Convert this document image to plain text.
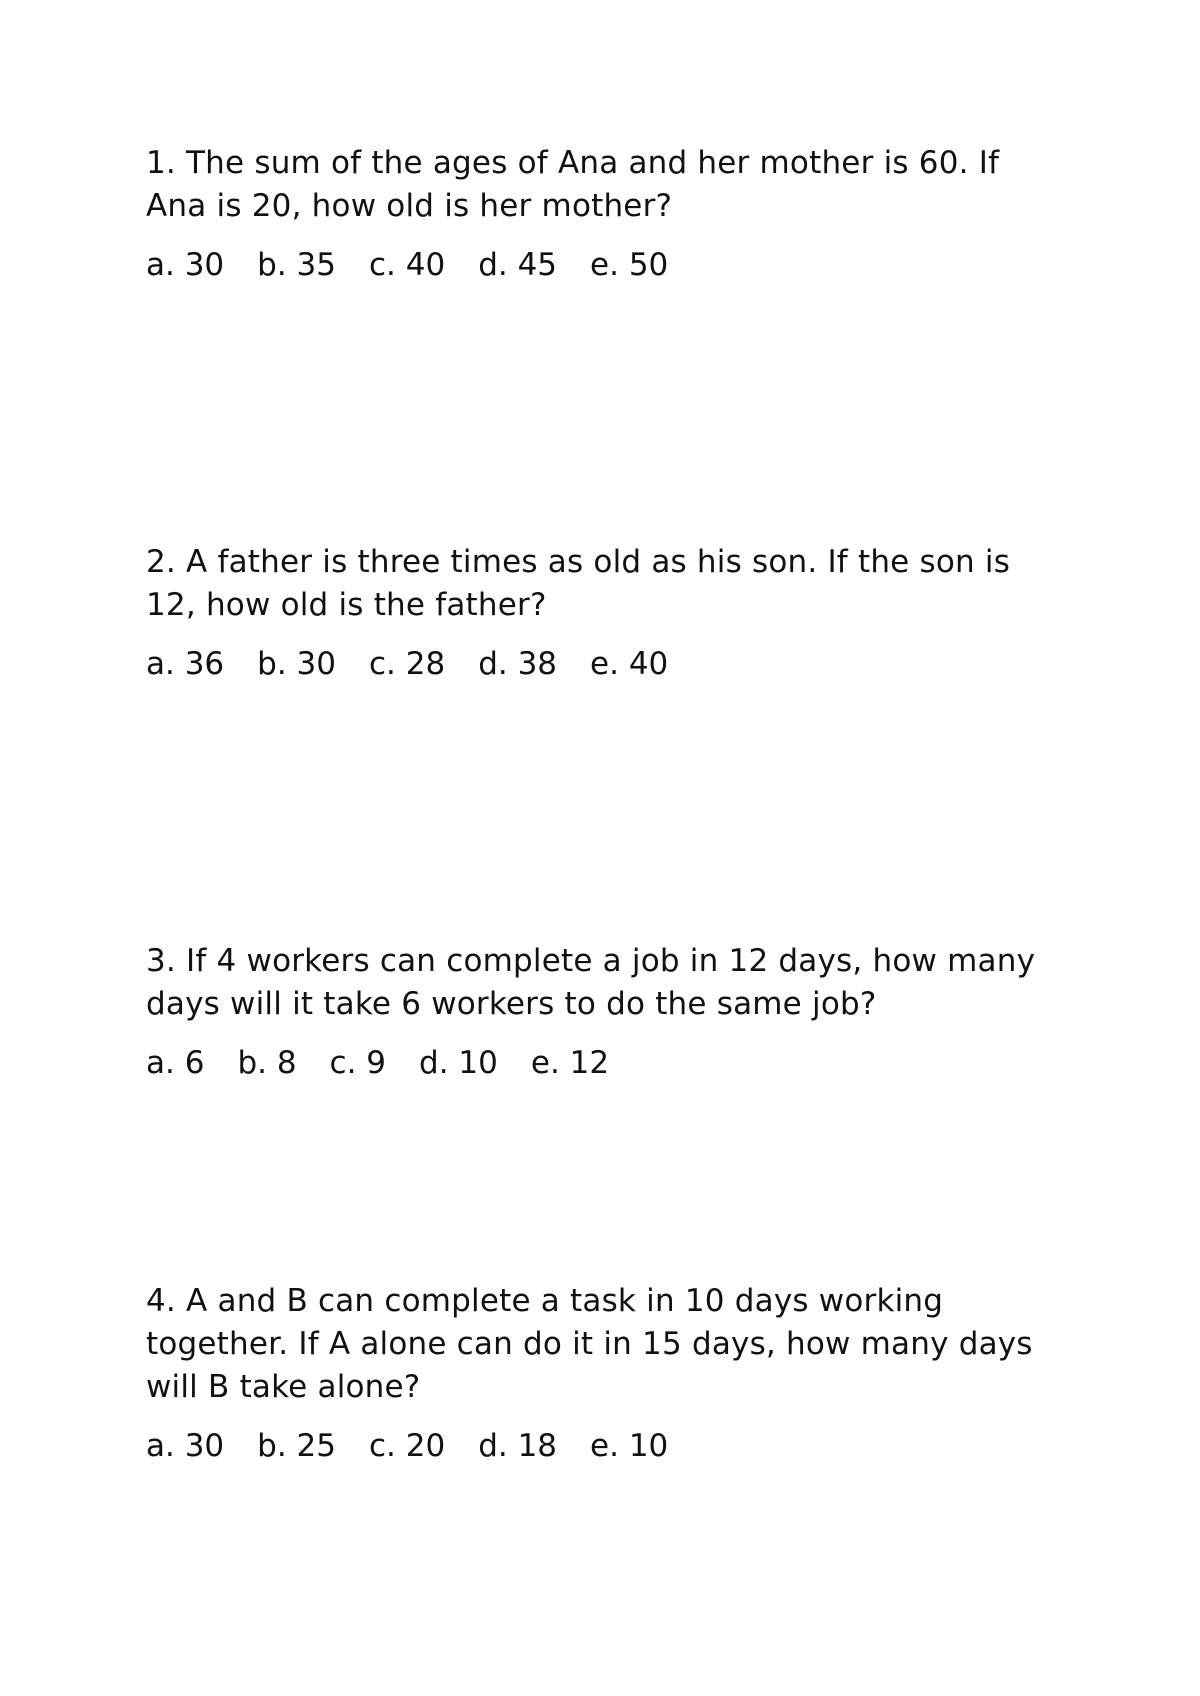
1. The sum of the ages of Ana and her mother is 60. If Ana is 20, how old is her mother?

a. 30 b. 35 c. 40 d. 45 e. 50

2. A father is three times as old as his son. If the son is 12, how old is the father?

a. 36 b. 30 c. 28 d. 38 e. 40

3. If 4 workers can complete a job in 12 days, how many days will it take 6 workers to do the same job?

a. 6 b. 8 c. 9 d. 10 e. 12

4. A and B can complete a task in 10 days working together. If A alone can do it in 15 days, how many days will B take alone?

a. 30 b. 25 c. 20 d. 18 e. 10
